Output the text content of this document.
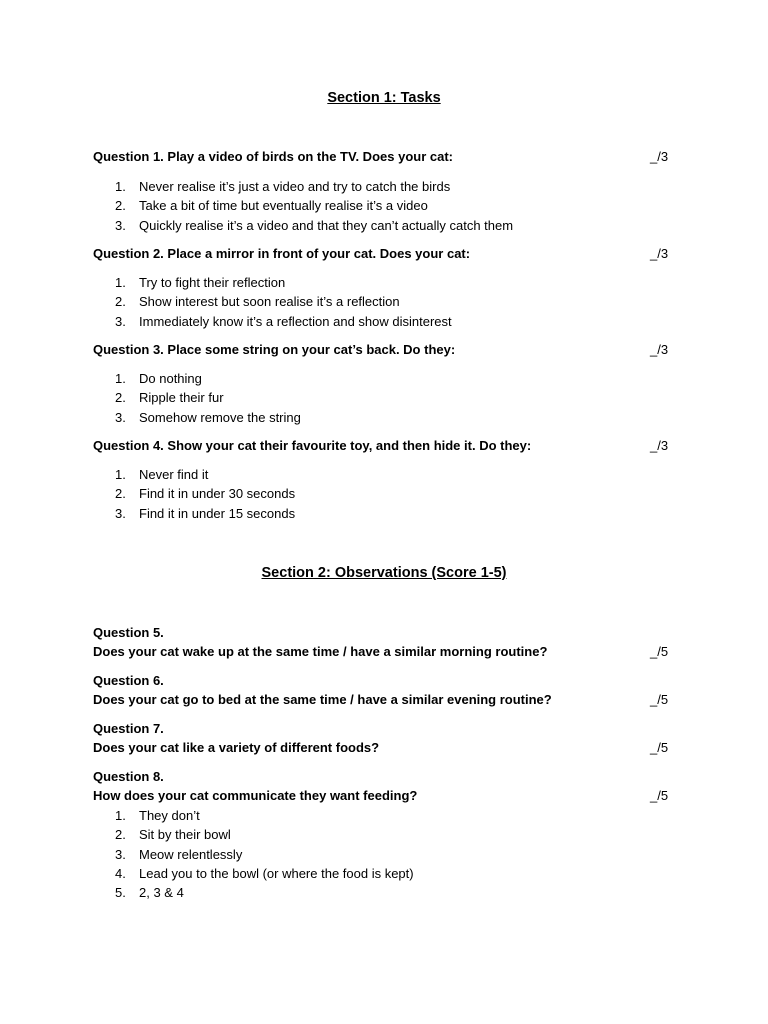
Section 1: Tasks
Question 1. Play a video of birds on the TV. Does your cat:	_/3
1. Never realise it’s just a video and try to catch the birds
2. Take a bit of time but eventually realise it’s a video
3. Quickly realise it’s a video and that they can’t actually catch them
Question 2. Place a mirror in front of your cat. Does your cat:	_/3
1. Try to fight their reflection
2. Show interest but soon realise it’s a reflection
3. Immediately know it’s a reflection and show disinterest
Question 3. Place some string on your cat’s back. Do they:	_/3
1. Do nothing
2. Ripple their fur
3. Somehow remove the string
Question 4. Show your cat their favourite toy, and then hide it. Do they:	_/3
1. Never find it
2. Find it in under 30 seconds
3. Find it in under 15 seconds
Section 2: Observations (Score 1-5)
Question 5.
Does your cat wake up at the same time / have a similar morning routine?	_/5
Question 6.
Does your cat go to bed at the same time / have a similar evening routine?	_/5
Question 7.
Does your cat like a variety of different foods?	_/5
Question 8.
How does your cat communicate they want feeding?	_/5
1. They don’t
2. Sit by their bowl
3. Meow relentlessly
4. Lead you to the bowl (or where the food is kept)
5. 2, 3 & 4
